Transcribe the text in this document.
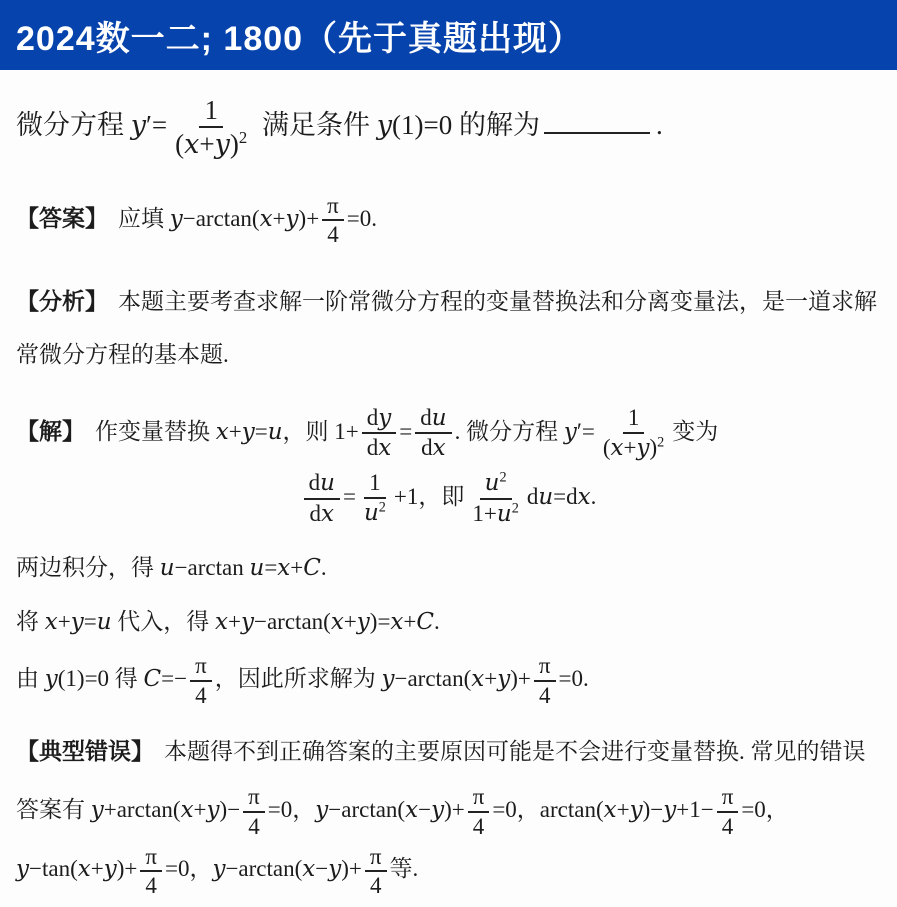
2024数一二; 1800（先于真题出现）

微分方程 $y'= \frac{1}{(x+y)^2}$ 满足条件 y(1)=0 的解为	.

【答案】 应填 $y-\arctan(x+y)+ \frac{\pi}{4} =0$.

【分析】 本题主要考查求解一阶常微分方程的变量替换法和分离变量法，是一道求解常微分方程的基本题.

【解】 作变量替换 x+y=u，则 $1+ \frac{dy}{dx} = \frac{du}{dx}$ . 微分方程 $y'= \frac{1}{(x+y)^2}$ 变为

$\frac{du}{dx} = \frac{1}{u^2} +1$，即 $\frac{u^2}{1+u^2} du=dx$.

两边积分，得 u−arctan u=x+C.

将 x+y=u 代入，得 x+y−arctan(x+y)=x+C.

由 y(1)=0 得 $C=- \frac{\pi}{4}$ ，因此所求解为 $y-\arctan(x+y)+ \frac{\pi}{4} =0$.

【典型错误】 本题得不到正确答案的主要原因可能是不会进行变量替换. 常见的错误答案有 $y+\arctan(x+y)- \frac{\pi}{4} =0$，$y-\arctan(x-y)+ \frac{\pi}{4} =0$，$\arctan(x+y)-y+1- \frac{\pi}{4} =0$，$y-\tan(x+y)+ \frac{\pi}{4} =0$，$y-\arctan(x-y)+ \frac{\pi}{4}$ 等.
